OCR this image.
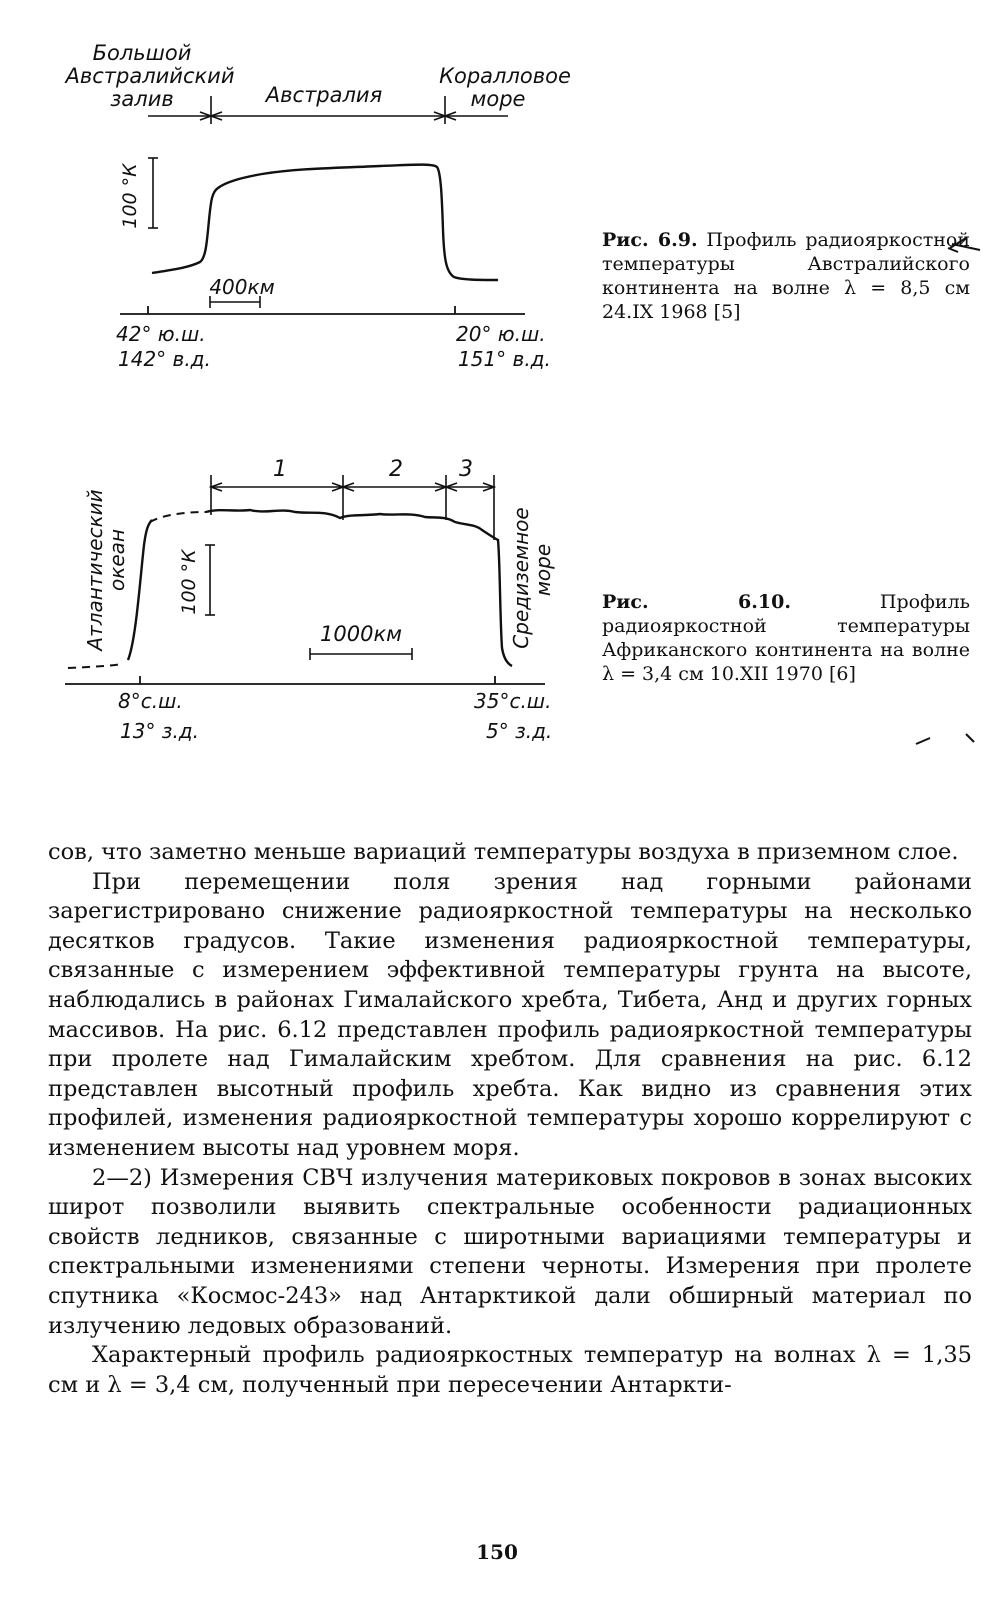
Большой
Австралийский
залив	Австралия
Коралловое
море
100 °К
400км
42° ю.ш.
142° в.д.
20° ю.ш.
151° в.д.

Рис. 6.9. Профиль радиояркостной температуры Австралийского континента на волне λ = 8,5 см 24.IX 1968 [5]

1	2	3
Атлантический
океан	Средиземное
море
100 °К
1000км
8°с.ш.
13° з.д.
35°с.ш.
5° з.д.

Рис. 6.10.	Профиль радиояркостной температуры Африканского континента на волне λ = 3,4 см 10.XII 1970 [6]

сов, что заметно меньше вариаций температуры воздуха в приземном слое.

При перемещении поля зрения над горными районами зарегистрировано снижение радиояркостной температуры на несколько десятков градусов. Такие изменения радиояркостной температуры, связанные с измерением эффективной температуры грунта на высоте, наблюдались в районах Гималайского хребта, Тибета, Анд и других горных массивов. На рис. 6.12 представлен профиль радиояркостной температуры при пролете над Гималайским хребтом. Для сравнения на рис. 6.12 представлен высотный профиль хребта. Как видно из сравнения этих профилей, изменения радиояркостной температуры хорошо коррелируют с изменением высоты над уровнем моря.

2—2) Измерения СВЧ излучения материковых покровов в зонах высоких широт позволили выявить спектральные особенности радиационных свойств ледников, связанные с широтными вариациями температуры и спектральными изменениями степени черноты. Измерения при пролете спутника «Космос-243» над Антарктикой дали обширный материал по излучению ледовых образований.

Характерный профиль радиояркостных температур на волнах λ = 1,35 см и λ = 3,4 см, полученный при пересечении Антаркти-

150
